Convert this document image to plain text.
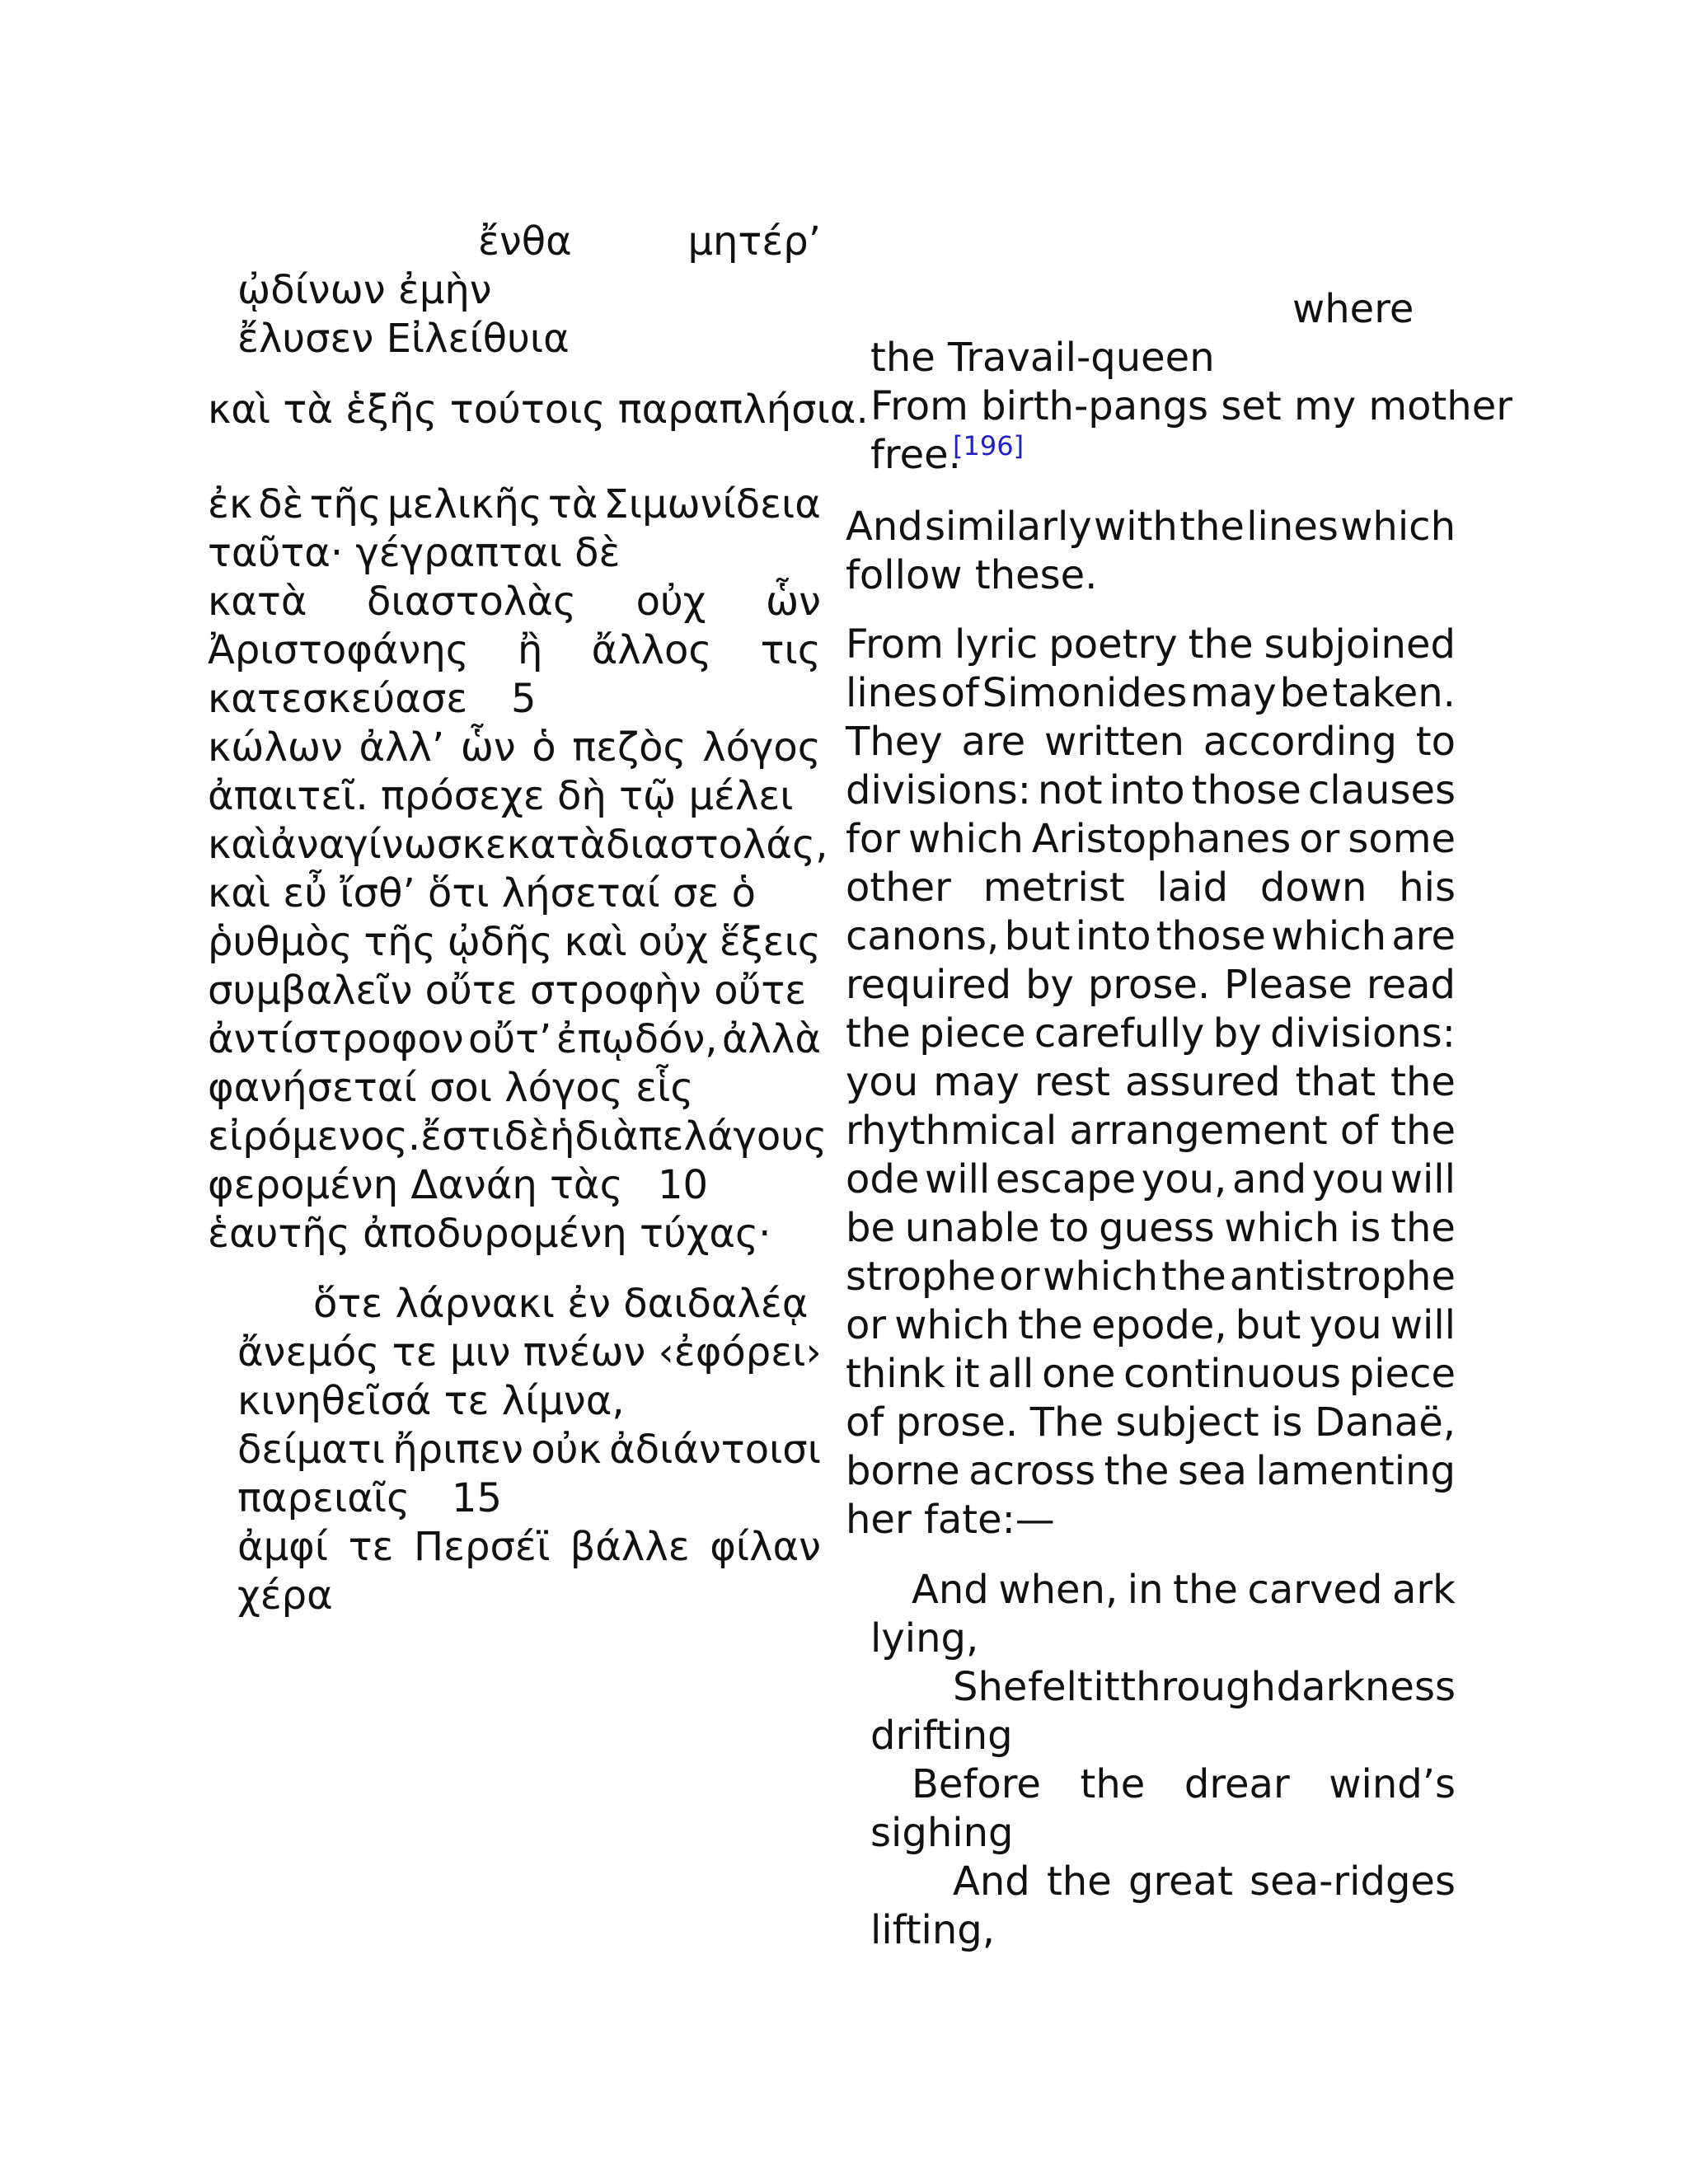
ἔνθα	μητέρ’
ᾠδίνων ἐμὴν
ἔλυσεν Εἰλείθυια
καὶ τὰ ἑξῆς τούτοις παραπλήσια.
ἐκ δὲ τῆς μελικῆς τὰ Σιμωνίδεια
ταῦτα· γέγραπται δὲ
κατὰ διαστολὰς οὐχ ὧν
Ἀριστοφάνης ἢ ἄλλος τις
κατεσκεύασε 5
κώλων ἀλλ’ ὧν ὁ πεζὸς λόγος
ἀπαιτεῖ. πρόσεχε δὴ τῷ μέλει
καὶ ἀναγίνωσκε κατὰ διαστολάς,
καὶ εὖ ἴσθ’ ὅτι λήσεταί σε ὁ
ῥυθμὸς τῆς ᾠδῆς καὶ οὐχ ἕξεις
συμβαλεῖν οὔτε στροφὴν οὔτε
ἀντίστροφον οὔτ’ ἐπῳδόν, ἀλλὰ
φανήσεταί σοι λόγος εἷς
εἰρόμενος. ἔστι δὲ ἡ διὰ πελάγους
φερομένη Δανάη τὰς 10
ἑαυτῆς ἀποδυρομένη τύχας·
ὅτε λάρνακι ἐν δαιδαλέᾳ
ἄνεμός τε μιν πνέων ‹ἐφόρει›
κινηθεῖσά τε λίμνα,
δείματι ἤριπεν οὐκ ἀδιάντοισι
παρειαῖς 15
ἀμφί τε Περσέϊ βάλλε φίλαν
χέρα
where
the Travail-queen
From birth-pangs set my mother
free.
[196]
And similarly with the lines which
follow these.
From lyric poetry the subjoined
lines of Simonides may be taken.
They are written according to
divisions: not into those clauses
for which Aristophanes or some
other metrist laid down his
canons, but into those which are
required by prose. Please read
the piece carefully by divisions:
you may rest assured that the
rhythmical arrangement of the
ode will escape you, and you will
be unable to guess which is the
strophe or which the antistrophe
or which the epode, but you will
think it all one continuous piece
of prose. The subject is Danaë,
borne across the sea lamenting
her fate:—
And when, in the carved ark
lying,
She felt it through darkness
drifting
Before the drear wind’s
sighing
And the great sea-ridges
lifting,
